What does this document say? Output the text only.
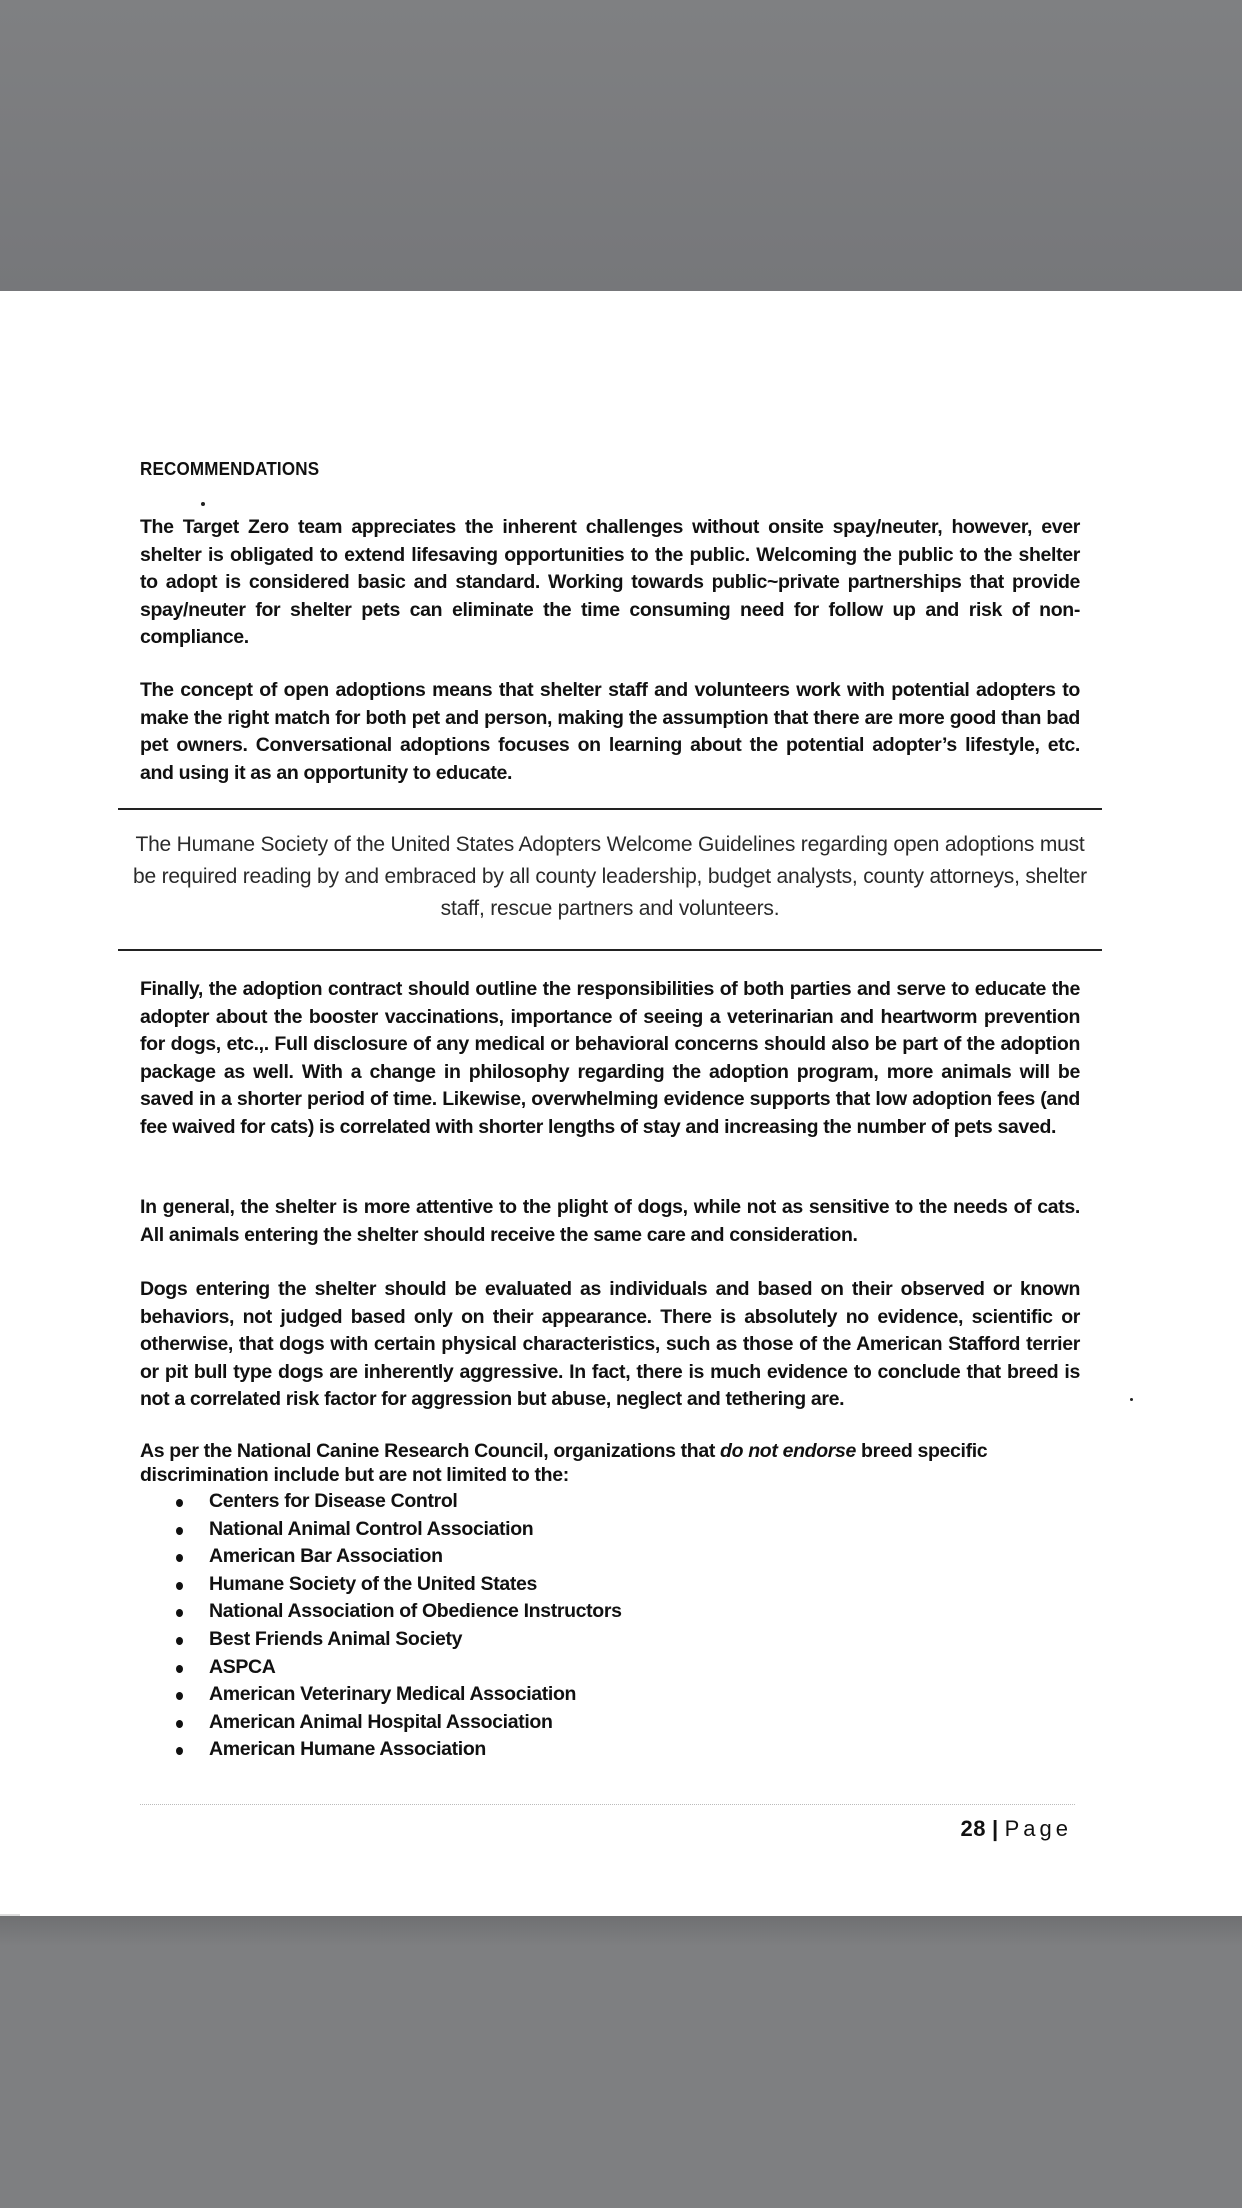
RECOMMENDATIONS

The Target Zero team appreciates the inherent challenges without onsite spay/neuter, however, ever shelter is obligated to extend lifesaving opportunities to the public. Welcoming the public to the shelter to adopt is considered basic and standard. Working towards public~private partnerships that provide spay/neuter for shelter pets can eliminate the time consuming need for follow up and risk of non-compliance.

The concept of open adoptions means that shelter staff and volunteers work with potential adopters to make the right match for both pet and person, making the assumption that there are more good than bad pet owners. Conversational adoptions focuses on learning about the potential adopter’s lifestyle, etc. and using it as an opportunity to educate.

The Humane Society of the United States Adopters Welcome Guidelines regarding open adoptions must be required reading by and embraced by all county leadership, budget analysts, county attorneys, shelter staff, rescue partners and volunteers.

Finally, the adoption contract should outline the responsibilities of both parties and serve to educate the adopter about the booster vaccinations, importance of seeing a veterinarian and heartworm prevention for dogs, etc.,. Full disclosure of any medical or behavioral concerns should also be part of the adoption package as well. With a change in philosophy regarding the adoption program, more animals will be saved in a shorter period of time. Likewise, overwhelming evidence supports that low adoption fees (and fee waived for cats) is correlated with shorter lengths of stay and increasing the number of pets saved.

In general, the shelter is more attentive to the plight of dogs, while not as sensitive to the needs of cats. All animals entering the shelter should receive the same care and consideration.

Dogs entering the shelter should be evaluated as individuals and based on their observed or known behaviors, not judged based only on their appearance. There is absolutely no evidence, scientific or otherwise, that dogs with certain physical characteristics, such as those of the American Stafford terrier or pit bull type dogs are inherently aggressive. In fact, there is much evidence to conclude that breed is not a correlated risk factor for aggression but abuse, neglect and tethering are.

As per the National Canine Research Council, organizations that do not endorse breed specific discrimination include but are not limited to the:

Centers for Disease Control
National Animal Control Association
American Bar Association
Humane Society of the United States
National Association of Obedience Instructors
Best Friends Animal Society
ASPCA
American Veterinary Medical Association
American Animal Hospital Association
American Humane Association
28 | Page
